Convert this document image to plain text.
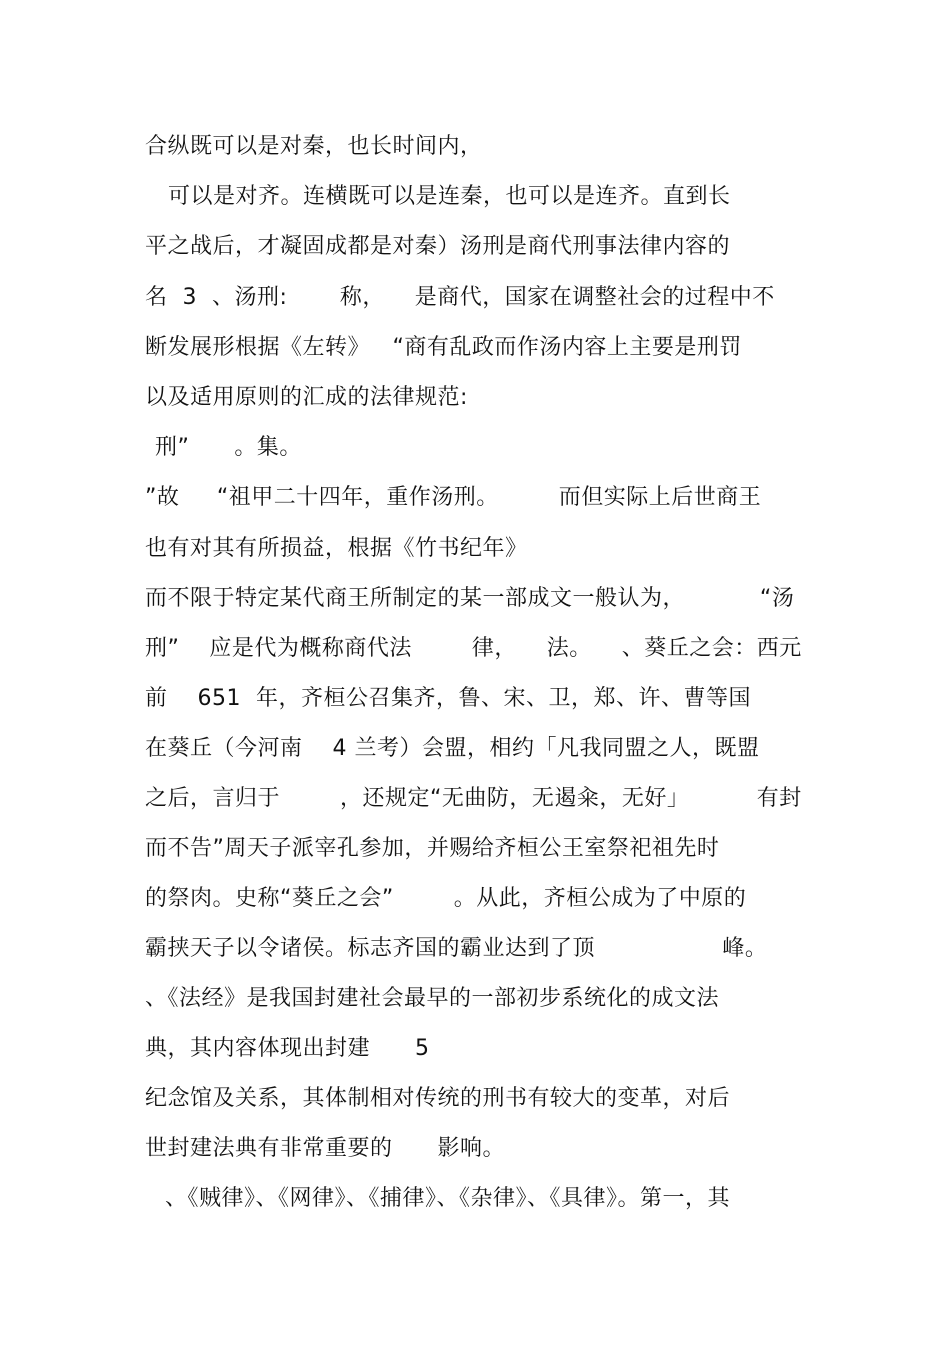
合纵既可以是对秦，也长时间内，
可以是对齐。连横既可以是连秦，也可以是连齐。直到长
平之战后，才凝固成都是对秦）汤刑是商代刑事法律内容的
名  3  、汤刑:       称，    是商代，国家在调整社会的过程中不
断发展形根据《左转》   “商有乱政而作汤内容上主要是刑罚
以及适用原则的汇成的法律规范:
刑”      。集。
”故     “祖甲二十四年，重作汤刑。        而但实际上后世商王
也有对其有所损益，根据《竹书纪年》
而不限于特定某代商王所制定的某一部成文一般认为，          “汤
刑”    应是代为概称商代法        律，    法。    、葵丘之会：西元
前    651  年，齐桓公召集齐，鲁、宋、卫，郑、许、曹等国
在葵丘（今河南    4 兰考）会盟，相约「凡我同盟之人，既盟
之后，言归于        ，还规定“无曲防，无遏籴，无好」         有封
而不告”周天子派宰孔参加，并赐给齐桓公王室祭祀祖先时
的祭肉。史称“葵丘之会”        。从此，齐桓公成为了中原的
霸挟天子以令诸侯。标志齐国的霸业达到了顶                 峰。
、《法经》是我国封建社会最早的一部初步系统化的成文法
典，其内容体现出封建      5
纪念馆及关系，其体制相对传统的刑书有较大的变革，对后
世封建法典有非常重要的      影响。
、《贼律》、《网律》、《捕律》、《杂律》、《具律》。第一，其
